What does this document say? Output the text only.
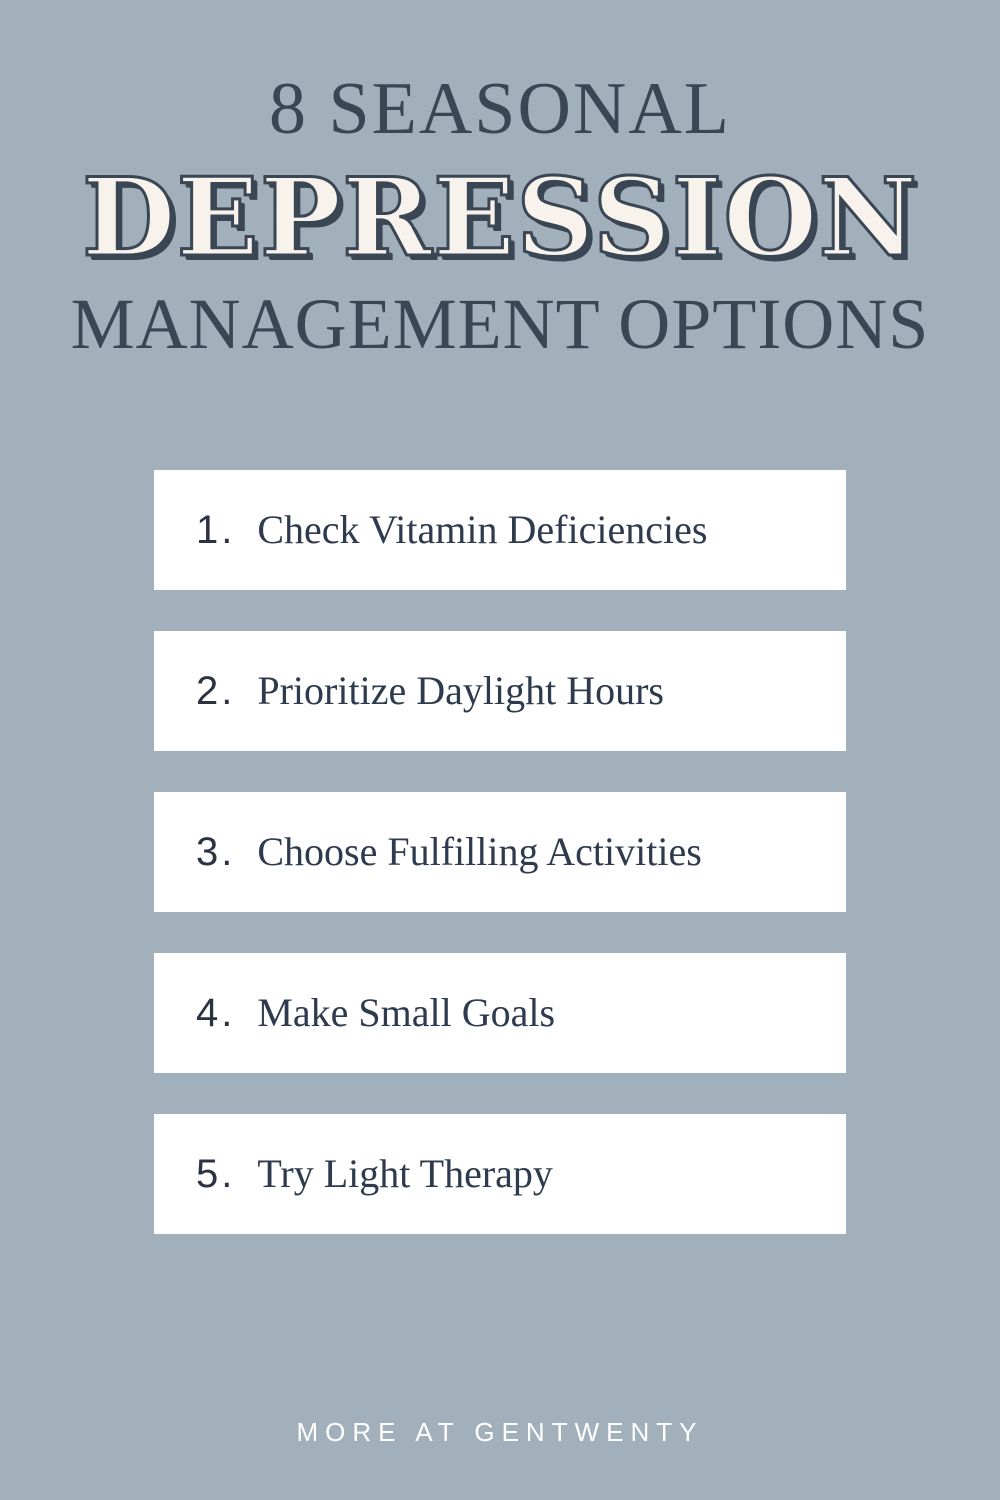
8 SEASONAL
DEPRESSION
MANAGEMENT OPTIONS
1. Check Vitamin Deficiencies
2. Prioritize Daylight Hours
3. Choose Fulfilling Activities
4. Make Small Goals
5. Try Light Therapy
MORE AT GENTWENTY
